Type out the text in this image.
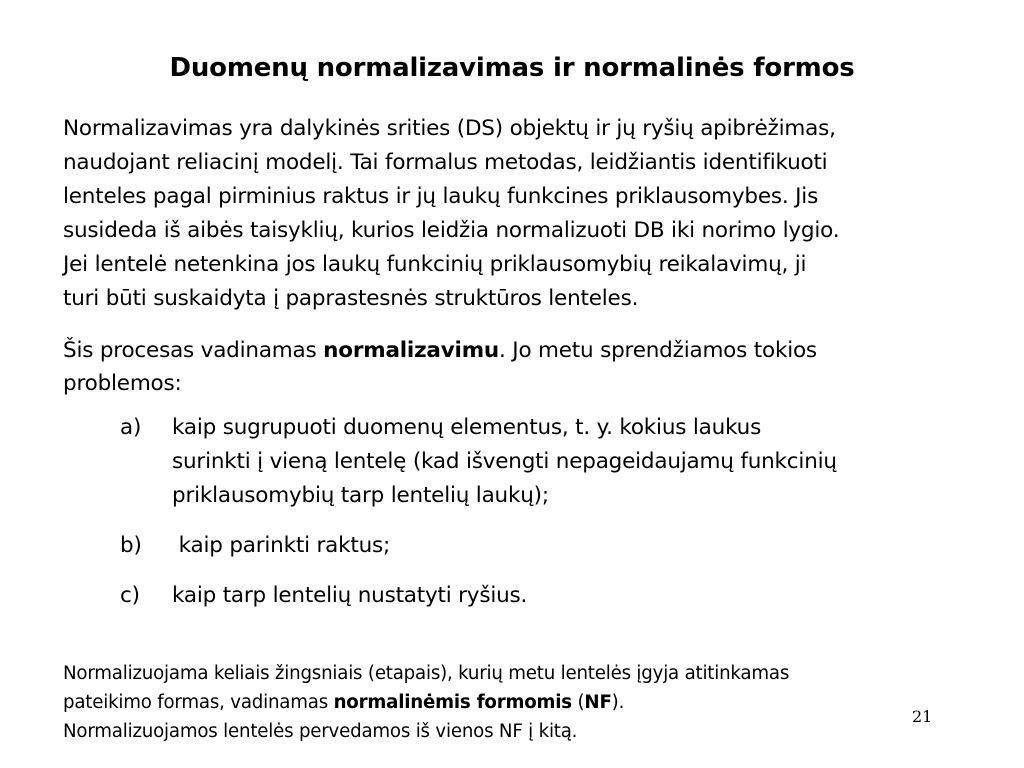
Duomenų normalizavimas ir normalinės formos
Normalizavimas yra dalykinės srities (DS) objektų ir jų ryšių apibrėžimas,
naudojant reliacinį modelį. Tai formalus metodas, leidžiantis identifikuoti
lenteles pagal pirminius raktus ir jų laukų funkcines priklausomybes. Jis
susideda iš aibės taisyklių, kurios leidžia normalizuoti DB iki norimo lygio.
Jei lentelė netenkina jos laukų funkcinių priklausomybių reikalavimų, ji
turi būti suskaidyta į paprastesnės struktūros lenteles.
Šis procesas vadinamas normalizavimu. Jo metu sprendžiamos tokios
problemos:
a)	kaip sugrupuoti duomenų elementus, t. y. kokius laukus
surinkti į vieną lentelę (kad išvengti nepageidaujamų funkcinių
priklausomybių tarp lentelių laukų);
b)	kaip parinkti raktus;
c)	kaip tarp lentelių nustatyti ryšius.
Normalizuojama keliais žingsniais (etapais), kurių metu lentelės įgyja atitinkamas
pateikimo formas, vadinamas normalinėmis formomis (NF).
Normalizuojamos lentelės pervedamos iš vienos NF į kitą.
21
